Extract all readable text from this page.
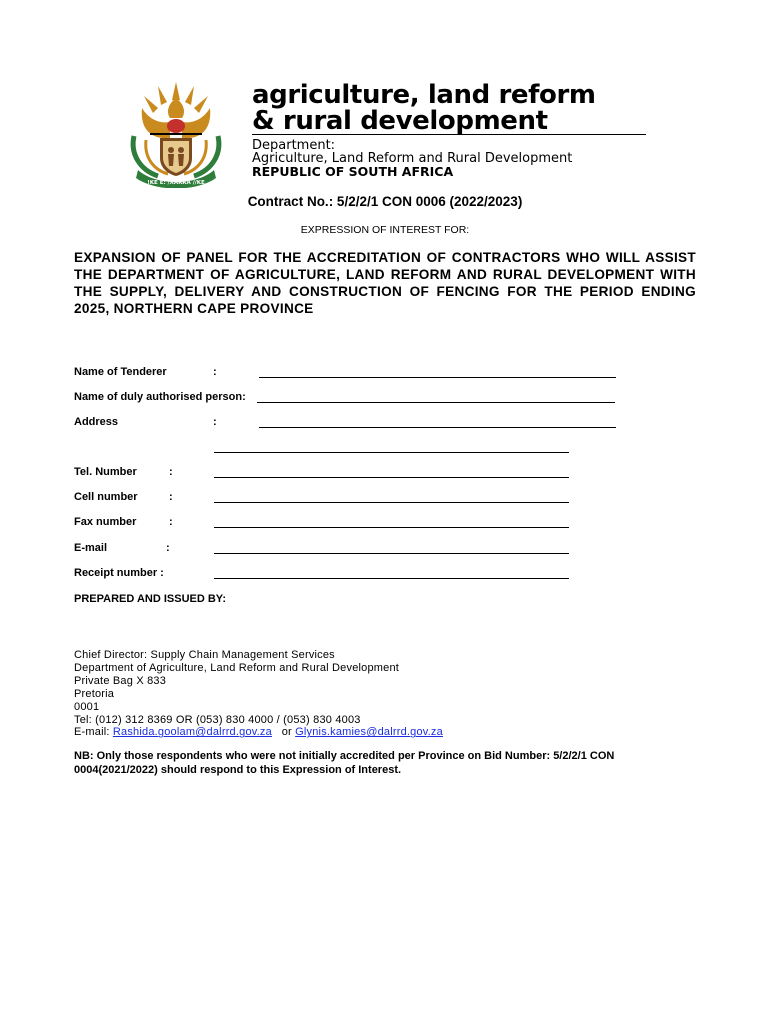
!KE E: /XARRA //KE
agriculture, land reform
& rural development
Department:
Agriculture, Land Reform and Rural Development
REPUBLIC OF SOUTH AFRICA
Contract No.: 5/2/2/1 CON 0006 (2022/2023)
EXPRESSION OF INTEREST FOR:
EXPANSION OF PANEL FOR THE ACCREDITATION OF CONTRACTORS WHO WILL ASSIST THE DEPARTMENT OF AGRICULTURE, LAND REFORM AND RURAL DEVELOPMENT WITH THE SUPPLY, DELIVERY AND CONSTRUCTION OF FENCING FOR THE PERIOD ENDING 2025, NORTHERN CAPE PROVINCE
Name of Tenderer	:
Name of duly authorised person:
Address	:
Tel. Number	:
Cell number	:
Fax number	:
E-mail	:
Receipt number :
PREPARED AND ISSUED BY:
Chief Director: Supply Chain Management Services
Department of Agriculture, Land Reform and Rural Development
Private Bag X 833
Pretoria
0001
Tel: (012) 312 8369 OR (053) 830 4000 / (053) 830 4003
E-mail: Rashida.goolam@dalrrd.gov.za   or Glynis.kamies@dalrrd.gov.za
NB: Only those respondents who were not initially accredited per Province on Bid Number: 5/2/2/1 CON 0004(2021/2022) should respond to this Expression of Interest.
